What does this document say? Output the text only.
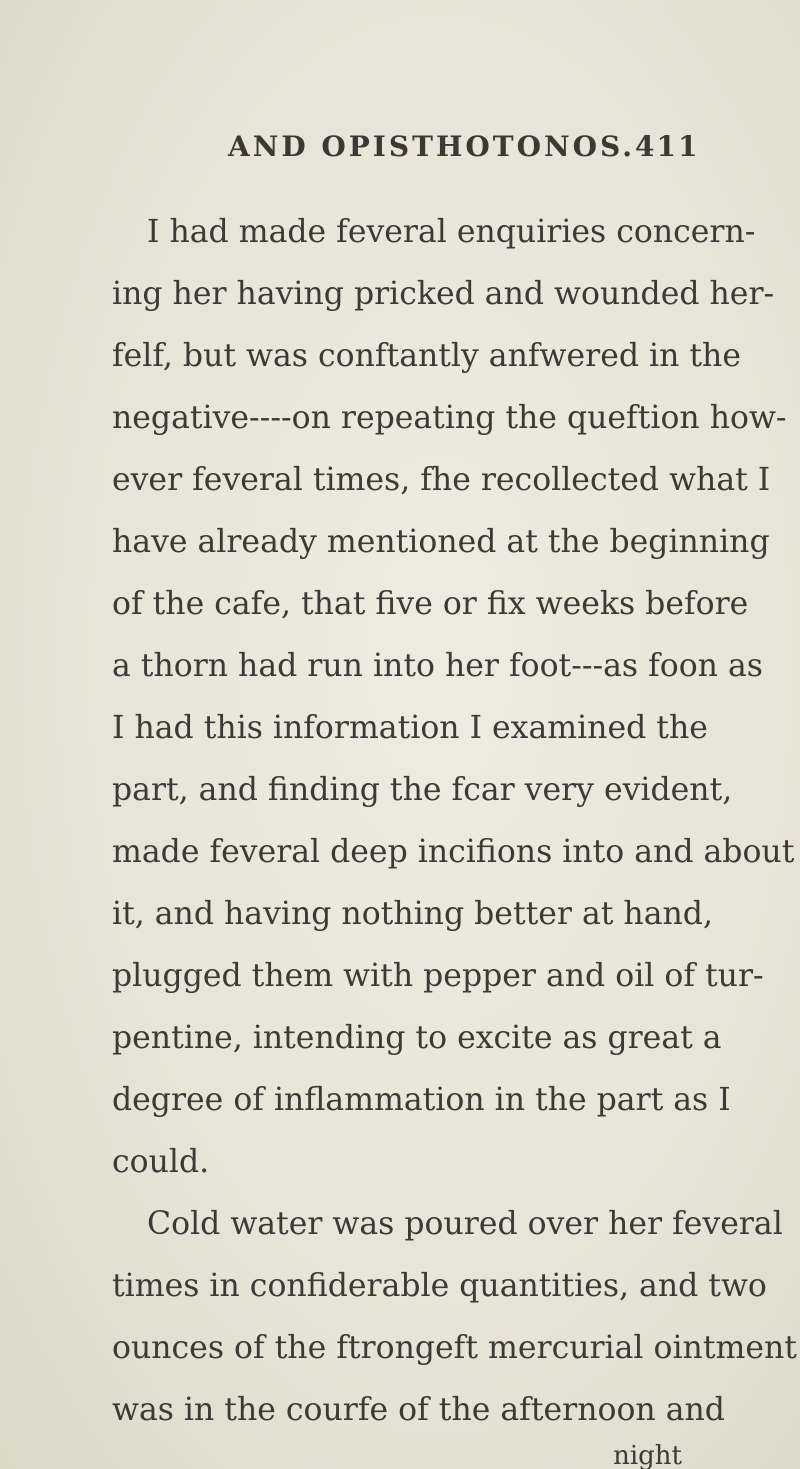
AND OPISTHOTONOS. 411
I had made feveral enquiries concern-
ing her having pricked and wounded her-
felf, but was conftantly anfwered in the
negative----on repeating the queftion how-
ever feveral times, fhe recollected what I
have already mentioned at the beginning
of the cafe, that five or fix weeks before
a thorn had run into her foot---as foon as
I had this information I examined the
part, and finding the fcar very evident,
made feveral deep incifions into and about
it, and having nothing better at hand,
plugged them with pepper and oil of tur-
pentine, intending to excite as great a
degree of inflammation in the part as I
could.
Cold water was poured over her feveral
times in confiderable quantities, and two
ounces of the ftrongeft mercurial ointment
was in the courfe of the afternoon and
night
